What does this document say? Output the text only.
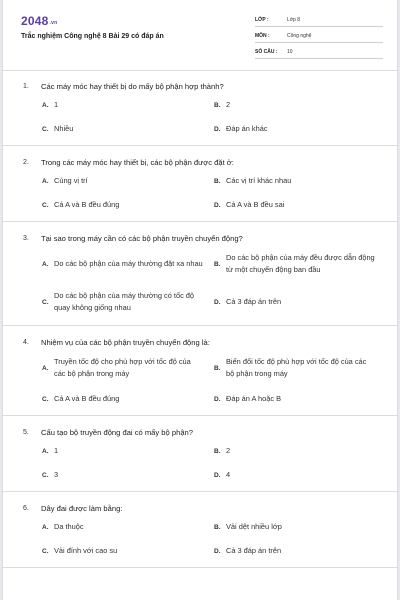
2048.vn
Trắc nghiệm Công nghệ 8 Bài 29 có đáp án
LỚP :	Lớp 8
MÔN :	Công nghệ
SỐ CÂU :	10
1.	Các máy móc hay thiết bị do mấy bộ phận hợp thành?
A. 1	B. 2
C. Nhiều	D. Đáp án khác
2.	Trong các máy móc hay thiết bị, các bộ phận được đặt ở:
A. Cùng vị trí	B. Các vị trí khác nhau
C. Cả A và B đều đúng	D. Cả A và B đều sai
3.	Tại sao trong máy cần có các bộ phận truyền chuyển động?
A. Do các bộ phận của máy thường đặt xa nhau B.
Do các bộ phận của máy đều được dẫn động từ một chuyển động ban đầu
C.
Do các bộ phận của máy thường có tốc độ quay không giống nhau
D. Cả 3 đáp án trên
4.	Nhiệm vụ của các bộ phận truyền chuyển động là:
A.
Truyền tốc độ cho phù hợp với tốc độ của các bộ phận trong máy
B.
Biến đổi tốc độ phù hợp với tốc độ của các bộ phận trong máy
C. Cả A và B đều đúng	D. Đáp án A hoặc B
5.	Cấu tạo bộ truyền động đai có mấy bộ phận?
A. 1	B. 2
C. 3	D. 4
6.	Dây đai được làm bằng:
A. Da thuộc	B. Vải dệt nhiều lớp
C. Vải đính với cao su	D. Cả 3 đáp án trên
